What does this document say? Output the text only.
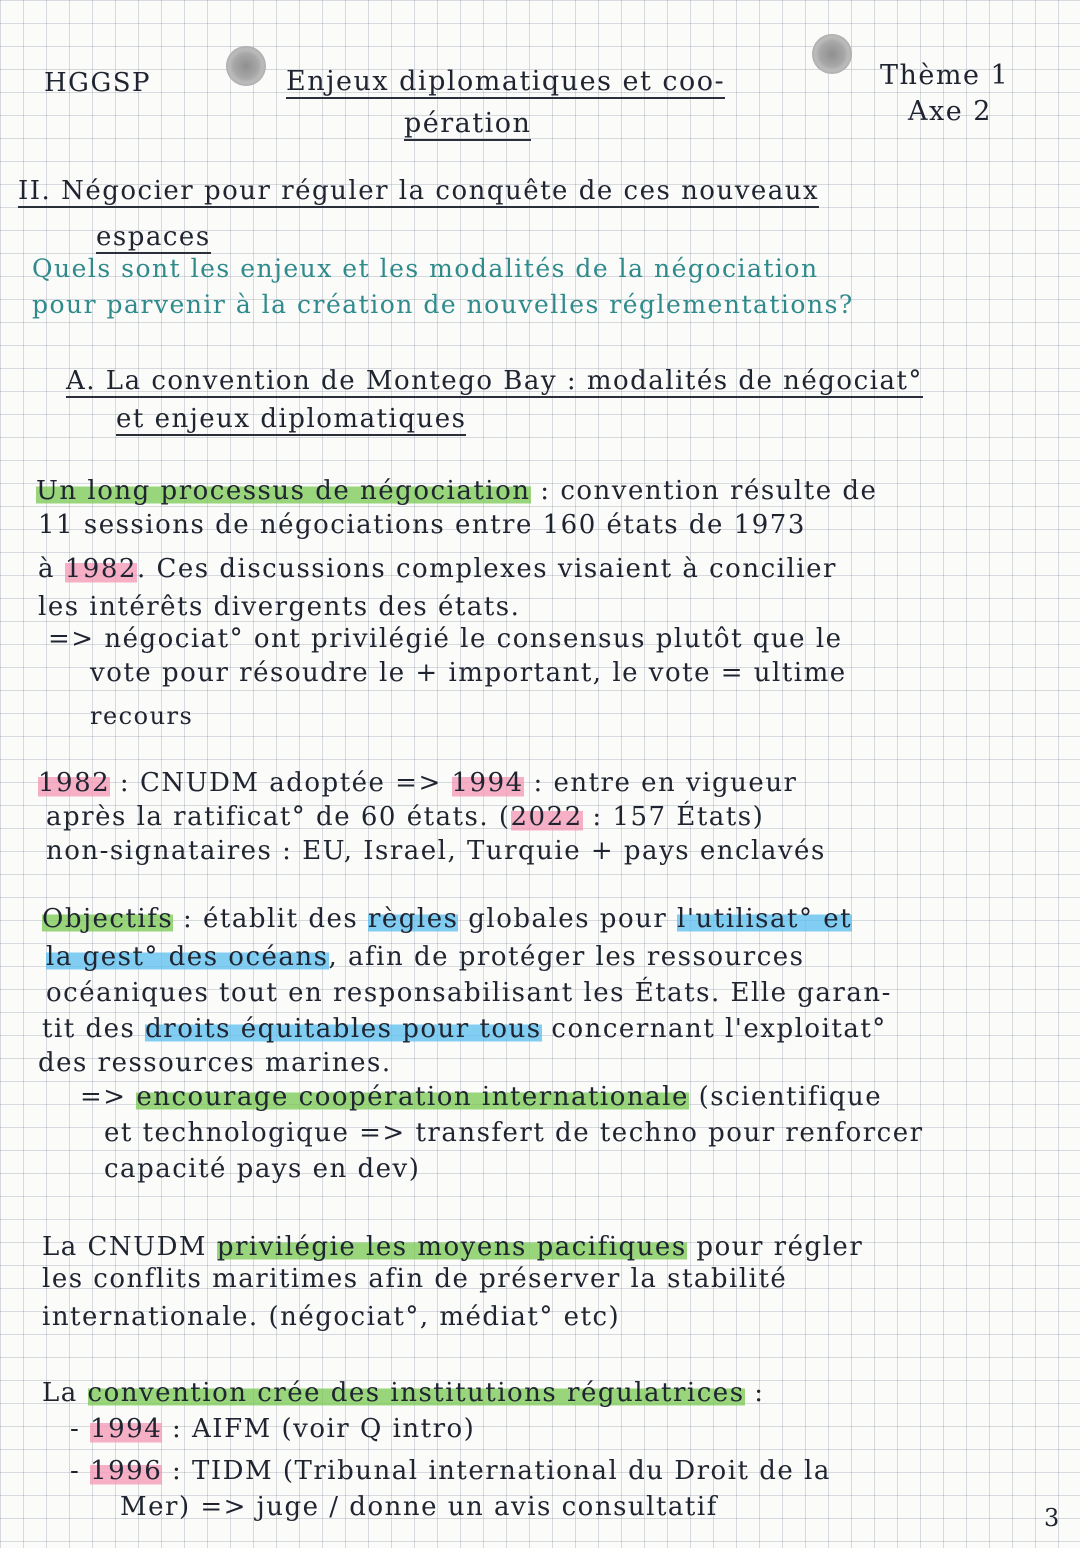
HGGSP	Enjeux diplomatiques et coo-
pération
Thème 1
Axe 2
II. Négocier pour réguler la conquête de ces nouveaux
espaces
Quels sont les enjeux et les modalités de la négociation
pour parvenir à la création de nouvelles réglementations?
A. La convention de Montego Bay : modalités de négociat°
et enjeux diplomatiques
Un long processus de négociation : convention résulte de
11 sessions de négociations entre 160 états de 1973
à 1982. Ces discussions complexes visaient à concilier
les intérêts divergents des états.
=> négociat° ont privilégié le consensus plutôt que le
vote pour résoudre le + important, le vote = ultime
recours
1982 : CNUDM adoptée => 1994 : entre en vigueur
après la ratificat° de 60 états. (2022 : 157 États)
non-signataires : EU, Israel, Turquie + pays enclavés
Objectifs : établit des règles globales pour l'utilisat° et
la gest° des océans, afin de protéger les ressources
océaniques tout en responsabilisant les États. Elle garan-
tit des droits équitables pour tous concernant l'exploitat°
des ressources marines.
=> encourage coopération internationale (scientifique
et technologique => transfert de techno pour renforcer
capacité pays en dev)
La CNUDM privilégie les moyens pacifiques pour régler
les conflits maritimes afin de préserver la stabilité
internationale. (négociat°, médiat° etc)
La convention crée des institutions régulatrices :
- 1994 : AIFM (voir Q intro)
- 1996 : TIDM (Tribunal international du Droit de la
Mer) => juge / donne un avis consultatif	3
